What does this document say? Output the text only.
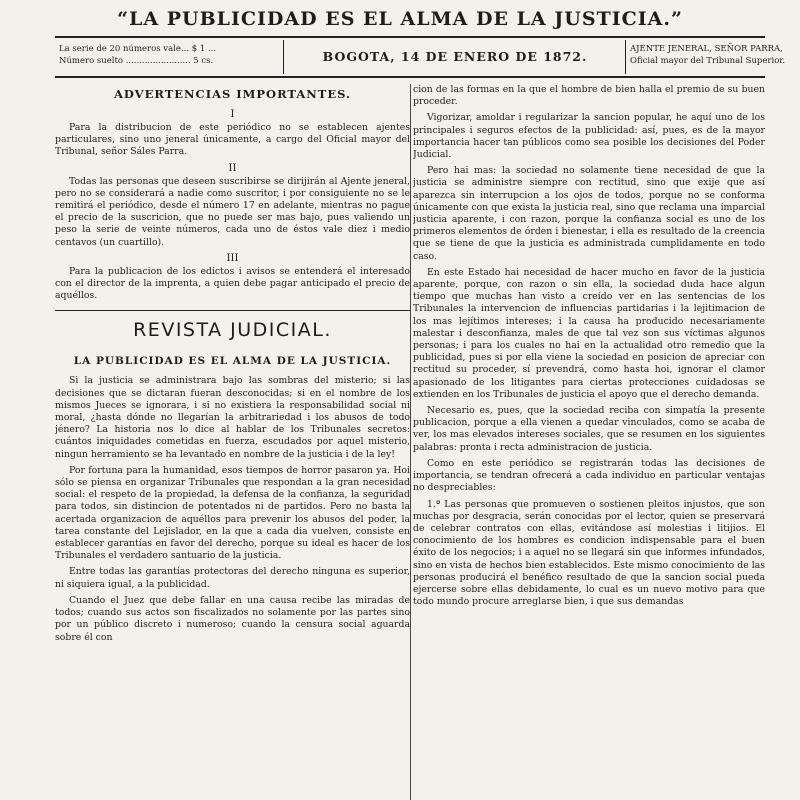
“LA PUBLICIDAD ES EL ALMA DE LA JUSTICIA.”
La serie de 20 números vale... $ 1 ...
Número suelto ........................ 5 cs.	BOGOTA, 14 DE ENERO DE 1872.	AJENTE JENERAL, SEÑOR PARRA,
Oficial mayor del Tribunal Superior.
ADVERTENCIAS IMPORTANTES.
I

Para la distribucion de este periódico no se establecen ajentes particulares, sino uno jeneral únicamente, a cargo del Oficial mayor del Tribunal, señor Sáles Parra.

II

Todas las personas que deseen suscribirse se dirijirán al Ajente jeneral, pero no se considerará a nadie como suscritor, i por consiguiente no se le remitirá el periódico, desde el número 17 en adelante, mientras no pague el precio de la suscricion, que no puede ser mas bajo, pues valiendo un peso la serie de veinte números, cada uno de éstos vale diez i medio centavos (un cuartillo).

III

Para la publicacion de los edictos i avisos se entenderá el interesado con el director de la imprenta, a quien debe pagar anticipado el precio de aquéllos.

REVISTA JUDICIAL.
LA PUBLICIDAD ES EL ALMA DE LA JUSTICIA.

Si la justicia se administrara bajo las sombras del misterio; si las decisiones que se dictaran fueran desconocidas; si en el nombre de los mismos Jueces se ignorara, i si no existiera la responsabilidad social ni moral, ¿hasta dónde no llegarían la arbitrariedad i los abusos de todo jénero? La historia nos lo dice al hablar de los Tribunales secretos: cuántos iniquidades cometidas en fuerza, escudados por aquel misterio, ningun herramiento se ha levantado en nombre de la justicia i de la ley!

Por fortuna para la humanidad, esos tiempos de horror pasaron ya. Hoi sólo se piensa en organizar Tribunales que respondan a la gran necesidad social: el respeto de la propiedad, la defensa de la confianza, la seguridad para todos, sin distincion de potentados ni de partidos. Pero no basta la acertada organizacion de aquéllos para prevenir los abusos del poder, la tarea constante del Lejislador, en la que a cada dia vuelven, consiste en establecer garantías en favor del derecho, porque su ideal es hacer de los Tribunales el verdadero santuario de la justicia.

Entre todas las garantías protectoras del derecho ninguna es superior, ni siquiera igual, a la publicidad.

Cuando el Juez que debe fallar en una causa recibe las miradas de todos; cuando sus actos son fiscalizados no solamente por las partes sino por un público discreto i numeroso; cuando la censura social aguarda sobre él con

cion de las formas en la que el hombre de bien halla el premio de su buen proceder.

Vigorizar, amoldar i regularizar la sancion popular, he aquí uno de los principales i seguros efectos de la publicidad: así, pues, es de la mayor importancia hacer tan públicos como sea posible los decisiones del Poder Judicial.

Pero hai mas: la sociedad no solamente tiene necesidad de que la justicia se administre siempre con rectitud, sino que exije que así aparezca sin interrupcion a los ojos de todos, porque no se conforma únicamente con que exista la justicia real, sino que reclama una imparcial justicia aparente, i con razon, porque la confianza social es uno de los primeros elementos de órden i bienestar, i ella es resultado de la creencia que se tiene de que la justicia es administrada cumplidamente en todo caso.

En este Estado hai necesidad de hacer mucho en favor de la justicia aparente, porque, con razon o sin ella, la sociedad duda hace algun tiempo que muchas han visto a creído ver en las sentencias de los Tribunales la intervencion de influencias partidarias i la lejitimacion de los mas lejítimos intereses; i la causa ha producido necesariamente malestar i desconfianza, males de que tal vez son sus víctimas algunos personas; i para los cuales no hai en la actualidad otro remedio que la publicidad, pues si por ella viene la sociedad en posicion de apreciar con rectitud su proceder, sí prevendrá, como hasta hoi, ignorar el clamor apasionado de los litigantes para ciertas protecciones cuidadosas se extienden en los Tribunales de justicia el apoyo que el derecho demanda.

Necesario es, pues, que la sociedad reciba con simpatía la presente publicacion, porque a ella vienen a quedar vinculados, como se acaba de ver, los mas elevados intereses sociales, que se resumen en los siguientes palabras: pronta i recta administracion de justicia.

Como en este periódico se registrarán todas las decisiones de importancia, se tendran ofrecerá a cada individuo en particular ventajas no despreciables:

1.ª Las personas que promueven o sostienen pleitos injustos, que son muchas por desgracia, serán conocidas por el lector, quien se preservará de celebrar contratos con ellas, evitándose así molestias i litijios. El conocimiento de los hombres es condicion indispensable para el buen éxito de los negocios; i a aquel no se llegará sin que informes infundados, sino en vista de hechos bien establecidos. Este mismo conocimiento de las personas producirá el benéfico resultado de que la sancion social pueda ejercerse sobre ellas debidamente, lo cual es un nuevo motivo para que todo mundo procure arreglarse bien, i que sus demandas
